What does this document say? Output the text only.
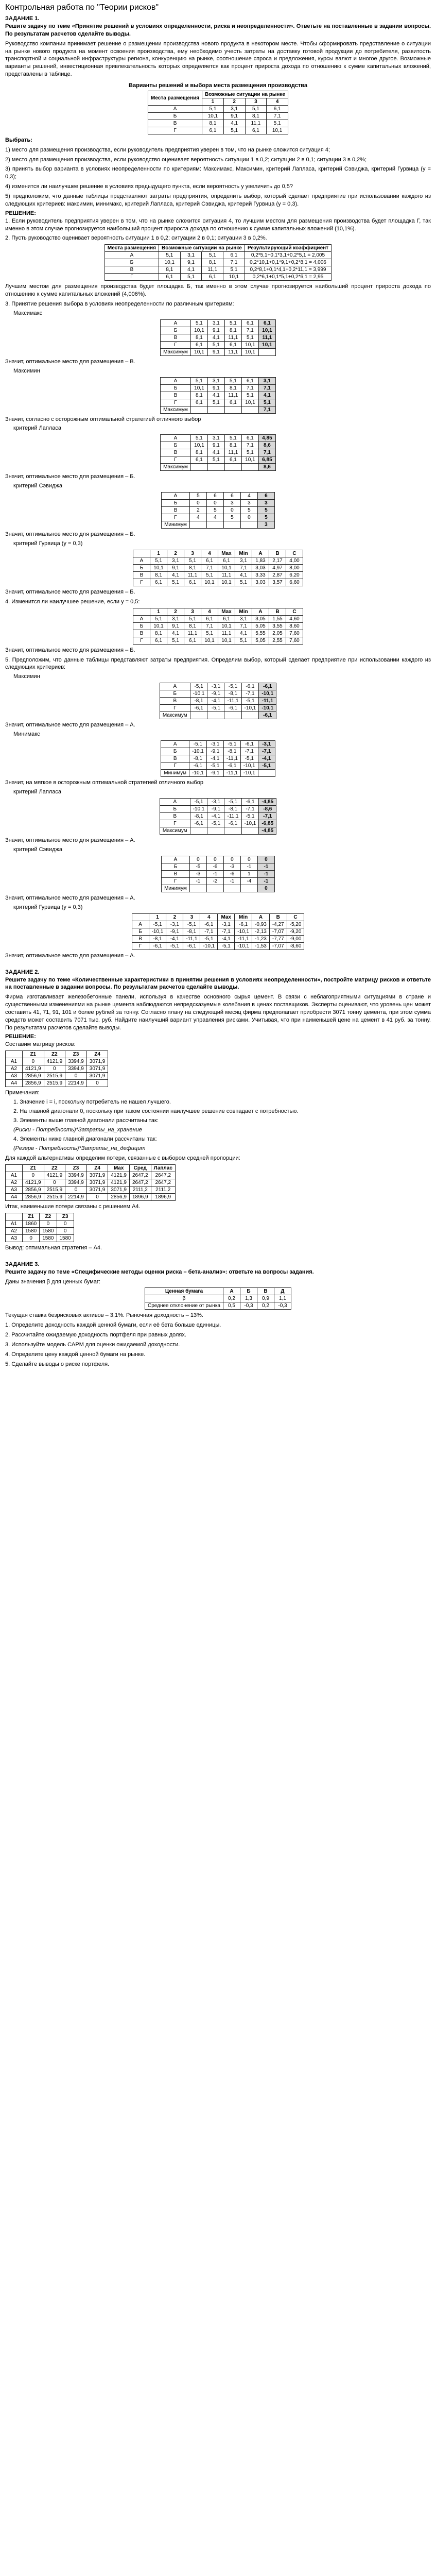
Контрольная работа по "Теории рисков"
ЗАДАНИЕ 1.
Решите задачу по теме «Принятие решений в условиях определенности, риска и неопределенности». Ответьте на поставленные в задании вопросы. По результатам расчетов сделайте выводы.
Руководство компании принимает решение о размещении производства нового продукта в некотором месте. Чтобы сформировать представление о ситуации на рынке нового продукта на момент освоения производства, ему необходимо учесть затраты на доставку готовой продукции до потребителя, развитость транспортной и социальной инфраструктуры региона, конкуренцию на рынке, соотношение спроса и предложения, курсы валют и многое другое. Возможные варианты решений, инвестиционная привлекательность которых определяется как процент прироста дохода по отношению к сумме капитальных вложений, представлены в таблице.
Варианты решений и выбора места размещения производства
Места размещения	Возможные ситуации на рынке			
	1	2	3	4
А	5,1	3,1	5,1	6,1
Б	10,1	9,1	8,1	7,1
В	8,1	4,1	11,1	5,1
Г	6,1	5,1	6,1	10,1
Выбрать:
1) место для размещения производства, если руководитель предприятия уверен в том, что на рынке сложится ситуация 4;
2) место для размещения производства, если руководство оценивает вероятность ситуации 1 в 0,2; ситуации 2 в 0,1; ситуации 3 в 0,2%;
3) принять выбор варианта в условиях неопределенности по критериям: Максимакс, Максимин, критерий Лапласа, критерий Сэвиджа, критерий Гурвица (у = 0,3);
4) изменится ли наилучшее решение в условиях предыдущего пункта, если вероятность у увеличить до 0,5?
5) предположим, что данные таблицы представляют затраты предприятия, определить выбор, который сделает предприятие при использовании каждого из следующих критериев: максимин, минимакс, критерий Лапласа, критерий Сэвиджа, критерий Гурвица (у = 0,3).
РЕШЕНИЕ:
1. Если руководитель предприятия уверен в том, что на рынке сложится ситуация 4, то лучшим местом для размещения производства будет площадка Г, так именно в этом случае прогнозируется наибольший процент прироста дохода по отношению к сумме капитальных вложений (10,1%).
2. Пусть руководство оценивает вероятность ситуации 1 в 0,2; ситуации 2 в 0,1; ситуации 3 в 0,2%.
Места размещения	Возможные ситуации на рынке				Результирующий коэффициент
А	5,1	3,1	5,1	6,1	0,2*5,1+0,1*3,1+0,2*5,1 = 2,005
Б	10,1	9,1	8,1	7,1	0,2*10,1+0,1*9,1+0,2*8,1 = 4,006
В	8,1	4,1	11,1	5,1	0,2*8,1+0,1*4,1+0,2*11,1 = 3,999
Г	6,1	5,1	6,1	10,1	0,2*6,1+0,1*5,1+0,2*6,1 = 2,95
Лучшим местом для размещения производства будет площадка Б, так именно в этом случае прогнозируется наибольший процент прироста дохода по отношению к сумме капитальных вложений (4,006%).
3. Принятие решения выбора в условиях неопределенности по различным критериям:
Максимакс
А	5,1	3,1	5,1	6,1	6,1
Б	10,1	9,1	8,1	7,1	10,1
В	8,1	4,1	11,1	5,1	11,1
Г	6,1	5,1	6,1	10,1	10,1
Максимум	10,1	9,1	11,1	10,1	
Значит, оптимальное место для размещения – В.
Максимин
А	5,1	3,1	5,1	6,1	3,1
Б	10,1	9,1	8,1	7,1	7,1
В	8,1	4,1	11,1	5,1	4,1
Г	6,1	5,1	6,1	10,1	5,1
Максимум					7,1
Значит, согласно с осторожным оптимальной стратегией отличного выбор
критерий Лапласа
А	5,1	3,1	5,1	6,1	4,85
Б	10,1	9,1	8,1	7,1	8,6
В	8,1	4,1	11,1	5,1	7,1
Г	6,1	5,1	6,1	10,1	6,85
Максимум					8,6
Значит, оптимальное место для размещения – Б.
критерий Сэвиджа
А	5	6	6	4	6
Б	0	0	3	3	3
В	2	5	0	5	5
Г	4	4	5	0	5
Минимум					3
Значит, оптимальное место для размещения – Б.
критерий Гурвица (у = 0,3)
	1	2	3	4	Max	Min	A	B	C
А	5,1	3,1	5,1	6,1	6,1	3,1	1,83	2,17	4,00
Б	10,1	9,1	8,1	7,1	10,1	7,1	3,03	4,97	8,00
В	8,1	4,1	11,1	5,1	11,1	4,1	3,33	2,87	6,20
Г	6,1	5,1	6,1	10,1	10,1	5,1	3,03	3,57	6,60
Значит, оптимальное место для размещения – Б.
4. Изменится ли наилучшее решение, если у = 0,5:
	1	2	3	4	Max	Min	A	B	C
А	5,1	3,1	5,1	6,1	6,1	3,1	3,05	1,55	4,60
Б	10,1	9,1	8,1	7,1	10,1	7,1	5,05	3,55	8,60
В	8,1	4,1	11,1	5,1	11,1	4,1	5,55	2,05	7,60
Г	6,1	5,1	6,1	10,1	10,1	5,1	5,05	2,55	7,60
Значит, оптимальное место для размещения – Б.
5. Предположим, что данные таблицы представляют затраты предприятия. Определим выбор, который сделает предприятие при использовании каждого из следующих критериев:
Максимин
А	-5,1	-3,1	-5,1	-6,1	-6,1
Б	-10,1	-9,1	-8,1	-7,1	-10,1
В	-8,1	-4,1	-11,1	-5,1	-11,1
Г	-6,1	-5,1	-6,1	-10,1	-10,1
Максимум					-6,1
Значит, оптимальное место для размещения – А.
Минимакс
А	-5,1	-3,1	-5,1	-6,1	-3,1
Б	-10,1	-9,1	-8,1	-7,1	-7,1
В	-8,1	-4,1	-11,1	-5,1	-4,1
Г	-6,1	-5,1	-6,1	-10,1	-5,1
Минимум	-10,1	-9,1	-11,1	-10,1	
Значит, на мягкое в осторожным оптимальной стратегией отличного выбор
критерий Лапласа
А	-5,1	-3,1	-5,1	-6,1	-4,85
Б	-10,1	-9,1	-8,1	-7,1	-8,6
В	-8,1	-4,1	-11,1	-5,1	-7,1
Г	-6,1	-5,1	-6,1	-10,1	-6,85
Максимум					-4,85
Значит, оптимальное место для размещения – А.
критерий Сэвиджа
А	0	0	0	0	0
Б	-5	-6	-3	-1	-1
В	-3	-1	-6	1	-1
Г	-1	-2	-1	-4	-1
Минимум					0
Значит, оптимальное место для размещения – А.
критерий Гурвица (у = 0,3)
	1	2	3	4	Max	Min	A	B	C
А	-5,1	-3,1	-5,1	-6,1	-3,1	-6,1	-0,93	-4,27	-5,20
Б	-10,1	-9,1	-8,1	-7,1	-7,1	-10,1	-2,13	-7,07	-9,20
В	-8,1	-4,1	-11,1	-5,1	-4,1	-11,1	-1,23	-7,77	-9,00
Г	-6,1	-5,1	-6,1	-10,1	-5,1	-10,1	-1,53	-7,07	-8,60
Значит, оптимальное место для размещения – А.
ЗАДАНИЕ 2.
Решите задачу по теме «Количественные характеристики в принятии решения в условиях неопределенности», постройте матрицу рисков и ответьте на поставленные в задании вопросы. По результатам расчетов сделайте выводы.
Фирма изготавливает железобетонные панели, используя в качестве основного сырья цемент. В связи с неблагоприятными ситуациями в стране и существенными изменениями на рынке цемента наблюдаются непредсказуемые колебания в ценах поставщиков. Эксперты оценивают, что уровень цен может составить 41, 71, 91, 101 и более рублей за тонну. Согласно плану на следующий месяц фирма предполагает приобрести 3071 тонну цемента, при этом сумма средств может составить 7071 тыс. руб. Найдите наилучший вариант управления рисками. Учитывая, что при наименьшей цене на цемент в 41 руб. за тонну. По результатам расчетов сделайте выводы.
РЕШЕНИЕ:
Составим матрицу рисков:
	Z1	Z2	Z3	Z4
A1	0	4121,9	3394,9	3071,9
A2	4121,9	0	3394,9	3071,9
A3	2856,9	2515,9	0	3071,9
A4	2856,9	2515,9	2214,9	0
Примечания:
1. Значение i = i, поскольку потребитель не нашел лучшего.
2. На главной диагонали 0, поскольку при таком состоянии наилучшее решение совпадает с потребностью.
3. Элементы выше главной диагонали рассчитаны так:
(Риски - Потребность)*Затраты_на_хранение
4. Элементы ниже главной диагонали рассчитаны так:
(Резерв - Потребность)*Затраты_на_дефицит
Для каждой альтернативы определим потери, связанные с выбором средней пропорции:
	Z1	Z2	Z3	Z4	Max	Сред	Лаплас
A1	0	4121,9	3394,9	3071,9	4121,9	2647,2	2647,2
A2	4121,9	0	3394,9	3071,9	4121,9	2647,2	2647,2
A3	2856,9	2515,9	0	3071,9	3071,9	2111,2	2111,2
A4	2856,9	2515,9	2214,9	0	2856,9	1896,9	1896,9
Итак, наименьшие потери связаны с решением A4.
	Z1	Z2	Z3
A1	1860	0	0
A2	1580	1580	0
A3	0	1580	1580
Вывод: оптимальная стратегия – A4.
ЗАДАНИЕ 3.
Решите задачу по теме «Специфические методы оценки риска – бета-анализ»: ответьте на вопросы задания.
Даны значения β для ценных бумаг:
Ценная бумага	A	Б	В	Д
β	0,2	1,3	0,9	1,1
Среднее отклонение от рынка	0,5	-0,3	0,2	-0,3
Текущая ставка безрисковых активов – 3,1%. Рыночная доходность – 13%.
1. Определите доходность каждой ценной бумаги, если её бета больше единицы.
2. Рассчитайте ожидаемую доходность портфеля при равных долях.
3. Используйте модель CAPM для оценки ожидаемой доходности.
4. Определите цену каждой ценной бумаги на рынке.
5. Сделайте выводы о риске портфеля.
